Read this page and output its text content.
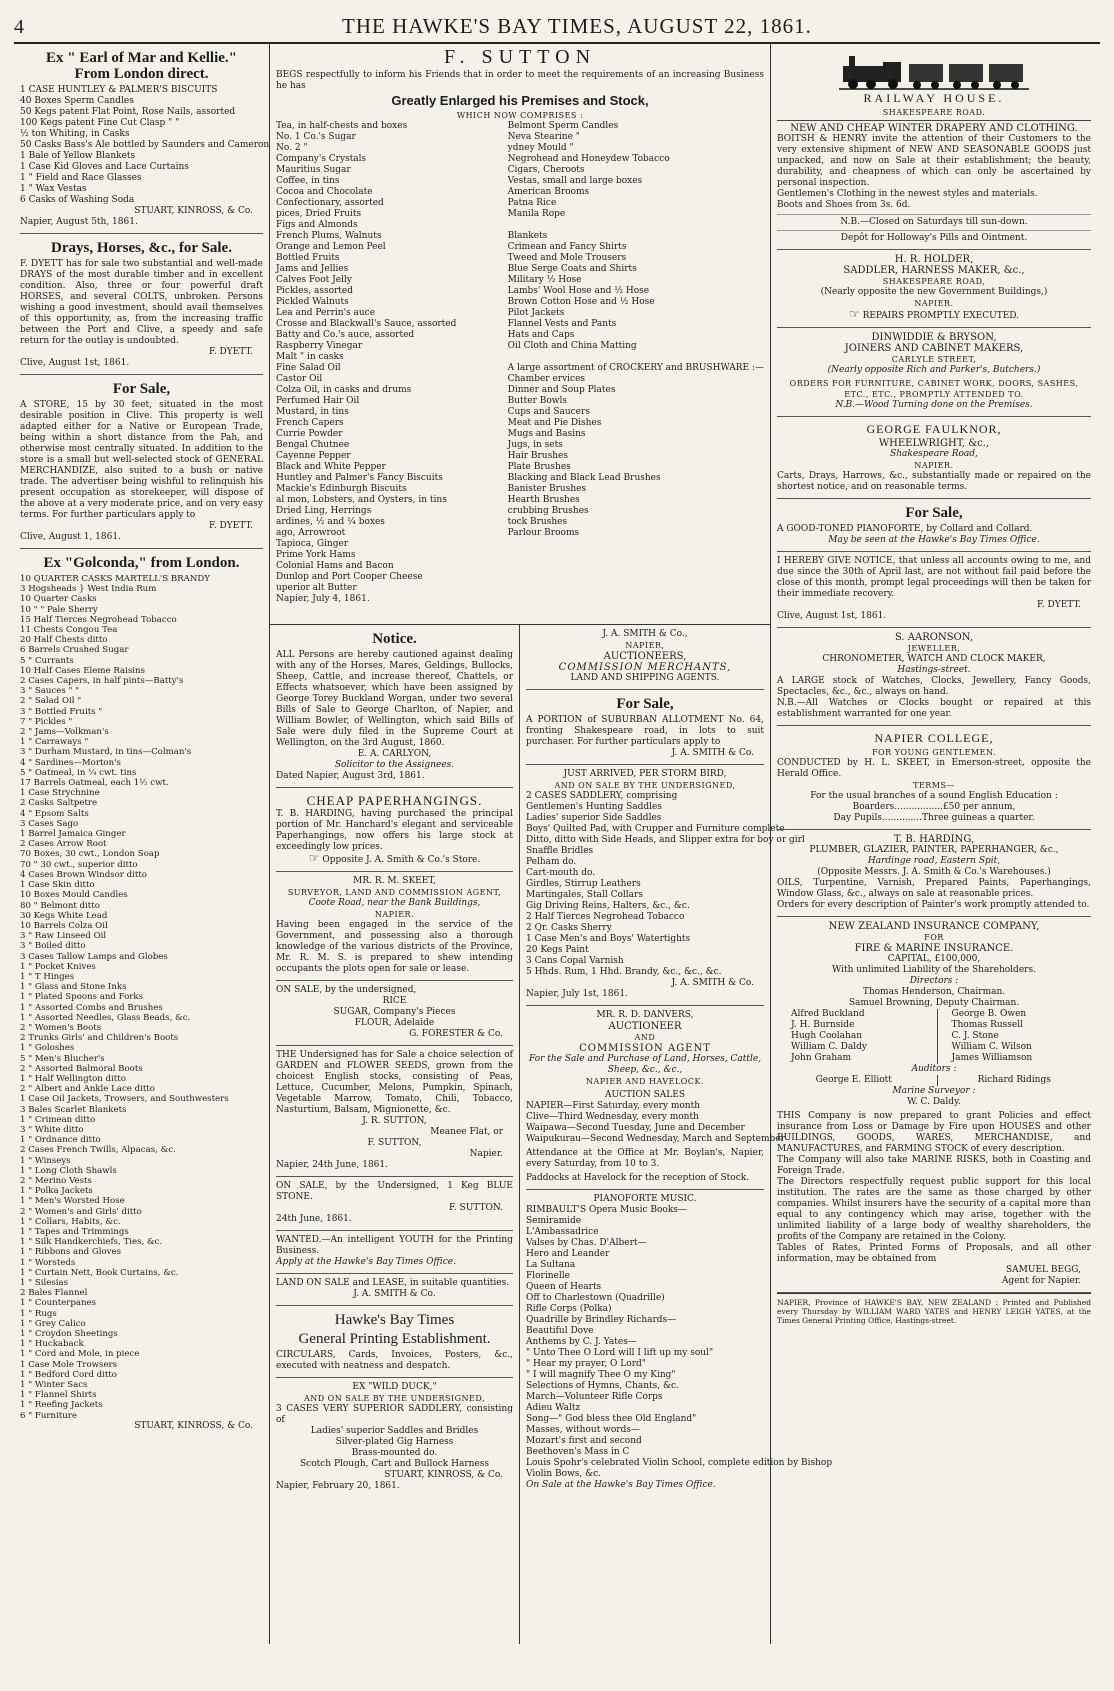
4	THE HAWKE'S BAY TIMES, AUGUST 22, 1861.
Ex " Earl of Mar and Kellie."
From London direct.
1 CASE HUNTLEY & PALMER'S BISCUITS
40 Boxes Sperm Candles
50 Kegs patent Flat Point, Rose Nails, assorted
100 Kegs patent Fine Cut Clasp " "
½ ton Whiting, in Casks
50 Casks Bass's Ale bottled by Saunders and Cameron
1 Bale of Yellow Blankets
1 Case Kid Gloves and Lace Curtains
1 " Field and Race Glasses
1 " Wax Vestas
6 Casks of Washing Soda
STUART, KINROSS, & Co.
Napier, August 5th, 1861.
Drays, Horses, &c., for Sale.

F. DYETT has for sale two substantial and well-made DRAYS of the most durable timber and in excellent condition. Also, three or four powerful draft HORSES, and several COLTS, unbroken. Persons wishing a good investment, should avail themselves of this opportunity, as, from the increasing traffic between the Port and Clive, a speedy and safe return for the outlay is undoubted.

F. DYETT.
Clive, August 1st, 1861.
For Sale,

A STORE, 15 by 30 feet, situated in the most desirable position in Clive. This property is well adapted either for a Native or European Trade, being within a short distance from the Pah, and otherwise most centrally situated. In addition to the store is a small but well-selected stock of GENERAL MERCHANDIZE, also suited to a bush or native trade. The advertiser being wishful to relinquish his present occupation as storekeeper, will dispose of the above at a very moderate price, and on very easy terms. For further particulars apply to

F. DYETT.
Clive, August 1, 1861.
Ex "Golconda," from London.
10 QUARTER CASKS MARTELL'S BRANDY
3 Hogsheads } West India Rum
10 Quarter Casks
10 " " Pale Sherry
15 Half Tierces Negrohead Tobacco
11 Chests Congou Tea
20 Half Chests ditto
6 Barrels Crushed Sugar
5 " Currants
10 Half Cases Eleme Raisins
2 Cases Capers, in half pints—Batty's
3 " Sauces " "
2 " Salad Oil "
3 " Bottled Fruits "
7 " Pickles "
2 " Jams—Volkman's
1 " Carraways "
3 " Durham Mustard, in tins—Colman's
4 " Sardines—Morton's
5 " Oatmeal, in ¼ cwt. tins
17 Barrels Oatmeal, each 1½ cwt.
1 Case Strychnine
2 Casks Saltpetre
4 " Epsom Salts
3 Cases Sago
1 Barrel Jamaica Ginger
2 Cases Arrow Root
70 Boxes, 30 cwt., London Soap
70 " 30 cwt., superior ditto
4 Cases Brown Windsor ditto
1 Case Skin ditto
10 Boxes Mould Candles
80 " Belmont ditto
30 Kegs White Lead
10 Barrels Colza Oil
3 " Raw Linseed Oil
3 " Boiled ditto
3 Cases Tallow Lamps and Globes
1 " Pocket Knives
1 " T Hinges
1 " Glass and Stone Inks
1 " Plated Spoons and Forks
1 " Assorted Combs and Brushes
1 " Assorted Needles, Glass Beads, &c.
2 " Women's Boots
2 Trunks Girls' and Children's Boots
1 " Goloshes
5 " Men's Blucher's
2 " Assorted Balmoral Boots
1 " Half Wellington ditto
2 " Albert and Ankle Lace ditto
1 Case Oil Jackets, Trowsers, and Southwesters
3 Bales Scarlet Blankets
1 " Crimean ditto
3 " White ditto
1 " Ordnance ditto
2 Cases French Twills, Alpacas, &c.
1 " Winseys
1 " Long Cloth Shawls
2 " Merino Vests
1 " Polka Jackets
1 " Men's Worsted Hose
2 " Women's and Girls' ditto
1 " Collars, Habits, &c.
1 " Tapes and Trimmings
1 " Silk Handkerchiefs, Ties, &c.
1 " Ribbons and Gloves
1 " Worsteds
1 " Curtain Nett, Book Curtains, &c.
1 " Silesias
2 Bales Flannel
1 " Counterpanes
1 " Rugs
1 " Grey Calico
1 " Croydon Sheetings
1 " Huckaback
1 " Cord and Mole, in piece
1 Case Mole Trowsers
1 " Bedford Cord ditto
1 " Winter Sacs
1 " Flannel Shirts
1 " Reefing Jackets
6 " Furniture
STUART, KINROSS, & Co.
F. SUTTON

BEGS respectfully to inform his Friends that in order to meet the requirements of an increasing Business he has

Greatly Enlarged his Premises and Stock,
WHICH NOW COMPRISES :
Tea, in half-chests and boxes
No. 1 Co.'s Sugar
No. 2 "
Company's Crystals
Mauritius Sugar
Coffee, in tins
Cocoa and Chocolate
Confectionary, assorted
pices, Dried Fruits
Figs and Almonds
French Plums, Walnuts
Orange and Lemon Peel
Bottled Fruits
Jams and Jellies
Calves Foot Jelly
Pickles, assorted
Pickled Walnuts
Lea and Perrin's auce
Crosse and Blackwall's Sauce, assorted
Batty and Co.'s auce, assorted
Raspberry Vinegar
Malt " in casks
Fine Salad Oil
Castor Oil
Colza Oil, in casks and drums
Perfumed Hair Oil
Mustard, in tins
French Capers
Currie Powder
Bengal Chutnee
Cayenne Pepper
Black and White Pepper
Huntley and Palmer's Fancy Biscuits
Mackie's Edinburgh Biscuits
al mon, Lobsters, and Oysters, in tins
Dried Ling, Herrings
ardines, ½ and ¼ boxes
ago, Arrowroot
Tapioca, Ginger
Prime York Hams
Colonial Hams and Bacon
Dunlop and Port Cooper Cheese
uperior alt Butter
Belmont Sperm Candles
Neva Stearine "
ydney Mould "
Negrohead and Honeydew Tobacco
Cigars, Cheroots
Vestas, small and large boxes
American Brooms
Patna Rice
Manila Rope

Blankets
Crimean and Fancy Shirts
Tweed and Mole Trousers
Blue Serge Coats and Shirts
Military ½ Hose
Lambs' Wool Hose and ½ Hose
Brown Cotton Hose and ½ Hose
Pilot Jackets
Flannel Vests and Pants
Hats and Caps
Oil Cloth and China Matting

A large assortment of CROCKERY and BRUSHWARE :—
Chamber ervices
Dinner and Soup Plates
Butter Bowls
Cups and Saucers
Meat and Pie Dishes
Mugs and Basins
Jugs, in sets
Hair Brushes
Plate Brushes
Blacking and Black Lead Brushes
Banister Brushes
Hearth Brushes
crubbing Brushes
tock Brushes
Parlour Brooms
Napier, July 4, 1861.
Notice.

ALL Persons are hereby cautioned against dealing with any of the Horses, Mares, Geldings, Bullocks, Sheep, Cattle, and increase thereof, Chattels, or Effects whatsoever, which have been assigned by George Torey Buckland Worgan, under two several Bills of Sale to George Charlton, of Napier, and William Bowler, of Wellington, which said Bills of Sale were duly filed in the Supreme Court at Wellington, on the 3rd August, 1860.

E. A. CARLYON,
Solicitor to the Assignees.
Dated Napier, August 3rd, 1861.
CHEAP PAPERHANGINGS.

T. B. HARDING, having purchased the principal portion of Mr. Hanchard's elegant and serviceable Paperhangings, now offers his large stock at exceedingly low prices.

☞ Opposite J. A. Smith & Co.'s Store.
MR. R. M. SKEET,
SURVEYOR, LAND AND COMMISSION AGENT,
Coote Road, near the Bank Buildings,
NAPIER.

Having been engaged in the service of the Government, and possessing also a thorough knowledge of the various districts of the Province, Mr. R. M. S. is prepared to shew intending occupants the plots open for sale or lease.

ON SALE, by the undersigned,

RICE
SUGAR, Company's Pieces
FLOUR, Adelaide
G. FORESTER & Co.

THE Undersigned has for Sale a choice selection of GARDEN and FLOWER SEEDS, grown from the choicest English stocks, consisting of Peas, Lettuce, Cucumber, Melons, Pumpkin, Spinach, Vegetable Marrow, Tomato, Chili, Tobacco, Nasturtium, Balsam, Mignionette, &c.

J. R. SUTTON,
Meanee Flat, or
F. SUTTON,
Napier.
Napier, 24th June, 1861.

ON SALE, by the Undersigned, 1 Keg BLUE STONE.

F. SUTTON.
24th June, 1861.

WANTED.—An intelligent YOUTH for the Printing Business.

Apply at the Hawke's Bay Times Office.

LAND ON SALE and LEASE, in suitable quantities.

J. A. SMITH & Co.
Hawke's Bay Times
General Printing Establishment.

CIRCULARS, Cards, Invoices, Posters, &c., executed with neatness and despatch.

EX "WILD DUCK,"
AND ON SALE BY THE UNDERSIGNED,

3 CASES VERY SUPERIOR SADDLERY, consisting of

Ladies' superior Saddles and Bridles
Silver-plated Gig Harness
Brass-mounted do.
Scotch Plough, Cart and Bullock Harness
STUART, KINROSS, & Co.
Napier, February 20, 1861.
J. A. SMITH & Co.,
NAPIER,
AUCTIONEERS,
COMMISSION MERCHANTS,
LAND AND SHIPPING AGENTS.
For Sale,

A PORTION of SUBURBAN ALLOTMENT No. 64, fronting Shakespeare road, in lots to suit purchaser. For further particulars apply to

J. A. SMITH & Co.
JUST ARRIVED, PER STORM BIRD,
AND ON SALE BY THE UNDERSIGNED,
2 CASES SADDLERY, comprising
Gentlemen's Hunting Saddles
Ladies' superior Side Saddles
Boys' Quilted Pad, with Crupper and Furniture complete
Ditto, ditto with Side Heads, and Slipper extra for boy or girl
Snaffle Bridles
Pelham do.
Cart-mouth do.
Girdles, Stirrup Leathers
Martingales, Stall Collars
Gig Driving Reins, Halters, &c., &c.
2 Half Tierces Negrohead Tobacco
2 Qr. Casks Sherry
1 Case Men's and Boys' Watertights
20 Kegs Paint
3 Cans Copal Varnish
5 Hhds. Rum, 1 Hhd. Brandy, &c., &c., &c.
J. A. SMITH & Co.
Napier, July 1st, 1861.
MR. R. D. DANVERS,
AUCTIONEER
AND
COMMISSION AGENT
For the Sale and Purchase of Land, Horses, Cattle, Sheep, &c., &c.,
NAPIER AND HAVELOCK.
AUCTION SALES
NAPIER—First Saturday, every month
Clive—Third Wednesday, every month
Waipawa—Second Tuesday, June and December
Waipukurau—Second Wednesday, March and September

Attendance at the Office at Mr. Boylan's, Napier, every Saturday, from 10 to 3.

Paddocks at Havelock for the reception of Stock.

PIANOFORTE MUSIC.
RIMBAULT'S Opera Music Books—
Semiramide
L'Ambassadrice
Valses by Chas. D'Albert—
Hero and Leander
La Sultana
Florinelle
Queen of Hearts
Off to Charlestown (Quadrille)
Rifle Corps (Polka)
Quadrille by Brindley Richards—
Beautiful Dove
Anthems by C. J. Yates—
" Unto Thee O Lord will I lift up my soul"
" Hear my prayer, O Lord"
" I will magnify Thee O my King"
Selections of Hymns, Chants, &c.
March—Volunteer Rifle Corps
Adieu Waltz
Song—" God bless thee Old England"
Masses, without words—
Mozart's first and second
Beethoven's Mass in C
Louis Spohr's celebrated Violin School, complete edition by Bishop
Violin Bows, &c.
On Sale at the Hawke's Bay Times Office.
RAILWAY HOUSE.
SHAKESPEARE ROAD.
NEW AND CHEAP WINTER DRAPERY AND CLOTHING.

BOITSH & HENRY invite the attention of their Customers to the very extensive shipment of NEW AND SEASONABLE GOODS just unpacked, and now on Sale at their establishment; the beauty, durability, and cheapness of which can only be ascertained by personal inspection.

Gentlemen's Clothing in the newest styles and materials.

Boots and Shoes from 3s. 6d.

N.B.—Closed on Saturdays till sun-down.
Depôt for Holloway's Pills and Ointment.
H. R. HOLDER,
SADDLER, HARNESS MAKER, &c.,
SHAKESPEARE ROAD,
(Nearly opposite the new Government Buildings,)
NAPIER.
☞ REPAIRS PROMPTLY EXECUTED.
DINWIDDIE & BRYSON,
JOINERS AND CABINET MAKERS,
CARLYLE STREET,
(Nearly opposite Rich and Parker's, Butchers.)
ORDERS FOR FURNITURE, CABINET WORK, DOORS, SASHES, ETC., ETC., PROMPTLY ATTENDED TO.
N.B.—Wood Turning done on the Premises.
GEORGE FAULKNOR,
WHEELWRIGHT, &c.,
Shakespeare Road,
NAPIER.

Carts, Drays, Harrows, &c., substantially made or repaired on the shortest notice, and on reasonable terms.

For Sale,

A GOOD-TONED PIANOFORTE, by Collard and Collard.

May be seen at the Hawke's Bay Times Office.

I HEREBY GIVE NOTICE, that unless all accounts owing to me, and due since the 30th of April last, are not without fail paid before the close of this month, prompt legal proceedings will then be taken for their immediate recovery.

F. DYETT.
Clive, August 1st, 1861.
S. AARONSON,
JEWELLER,
CHRONOMETER, WATCH AND CLOCK MAKER,
Hastings-street.

A LARGE stock of Watches, Clocks, Jewellery, Fancy Goods, Spectacles, &c., &c., always on hand.

N.B.—All Watches or Clocks bought or repaired at this establishment warranted for one year.

NAPIER COLLEGE,
FOR YOUNG GENTLEMEN.

CONDUCTED by H. L. SKEET, in Emerson-street, opposite the Herald Office.

TERMS—
For the usual branches of a sound English Education :
Boarders.................£50 per annum,
Day Pupils..............Three guineas a quarter.
T. B. HARDING,
PLUMBER, GLAZIER, PAINTER, PAPERHANGER, &c.,
Hardinge road, Eastern Spit,
(Opposite Messrs. J. A. Smith & Co.'s Warehouses.)

OILS, Turpentine, Varnish, Prepared Paints, Paperhangings, Window Glass, &c., always on sale at reasonable prices.

Orders for every description of Painter's work promptly attended to.

NEW ZEALAND INSURANCE COMPANY,
FOR
FIRE & MARINE INSURANCE.
CAPITAL, £100,000,
With unlimited Liability of the Shareholders.
Directors :
Thomas Henderson, Chairman.
Samuel Browning, Deputy Chairman.
Alfred Buckland
J. H. Burnside
Hugh Coolahan
William C. Daldy
John Graham
George B. Owen
Thomas Russell
C. J. Stone
William C. Wilson
James Williamson
Auditors :
George E. Elliott	Richard Ridings
Marine Surveyor :
W. C. Daldy.

THIS Company is now prepared to grant Policies and effect insurance from Loss or Damage by Fire upon HOUSES and other BUILDINGS, GOODS, WARES, MERCHANDISE, and MANUFACTURES, and FARMING STOCK of every description.

The Company will also take MARINE RISKS, both in Coasting and Foreign Trade.

The Directors respectfully request public support for this local institution. The rates are the same as those charged by other companies. Whilst insurers have the security of a capital more than equal to any contingency which may arise, together with the unlimited liability of a large body of wealthy shareholders, the profits of the Company are retained in the Colony.

Tables of Rates, Printed Forms of Proposals, and all other information, may be obtained from

SAMUEL BEGG,
Agent for Napier.

NAPIER, Province of HAWKE'S BAY, NEW ZEALAND : Printed and Published every Thursday by WILLIAM WARD YATES and HENRY LEIGH YATES, at the Times General Printing Office, Hastings-street.
